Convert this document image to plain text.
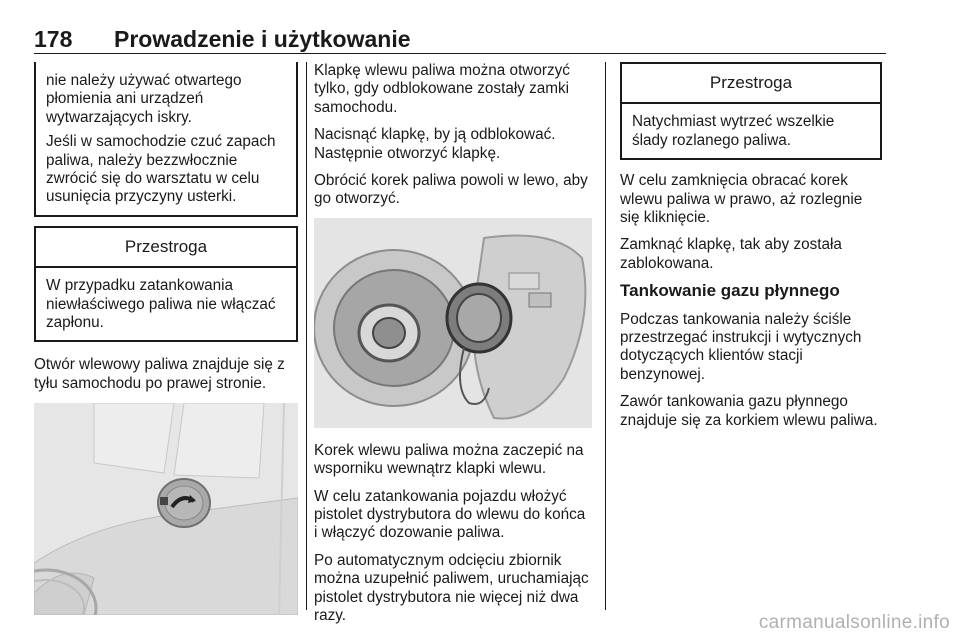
178 Prowadzenie i użytkowanie

nie należy używać otwartego płomienia ani urządzeń wytwarzających iskry.

Jeśli w samochodzie czuć zapach paliwa, należy bezzwłocznie zwrócić się do warsztatu w celu usunięcia przyczyny usterki.

Przestroga

W przypadku zatankowania niewłaściwego paliwa nie włączać zapłonu.

Otwór wlewowy paliwa znajduje się z tyłu samochodu po prawej stronie.

Klapkę wlewu paliwa można otworzyć tylko, gdy odblokowane zostały zamki samochodu.

Nacisnąć klapkę, by ją odblokować. Następnie otworzyć klapkę.

Obrócić korek paliwa powoli w lewo, aby go otworzyć.

Korek wlewu paliwa można zaczepić na wsporniku wewnątrz klapki wlewu.

W celu zatankowania pojazdu włożyć pistolet dystrybutora do wlewu do końca i włączyć dozowanie paliwa.

Po automatycznym odcięciu zbiornik można uzupełnić paliwem, uruchamiając pistolet dystrybutora nie więcej niż dwa razy.

Przestroga

Natychmiast wytrzeć wszelkie ślady rozlanego paliwa.

W celu zamknięcia obracać korek wlewu paliwa w prawo, aż rozlegnie się kliknięcie.

Zamknąć klapkę, tak aby została zablokowana.

Tankowanie gazu płynnego

Podczas tankowania należy ściśle przestrzegać instrukcji i wytycznych dotyczących klientów stacji benzynowej.

Zawór tankowania gazu płynnego znajduje się za korkiem wlewu paliwa.

carmanualsonline.info
